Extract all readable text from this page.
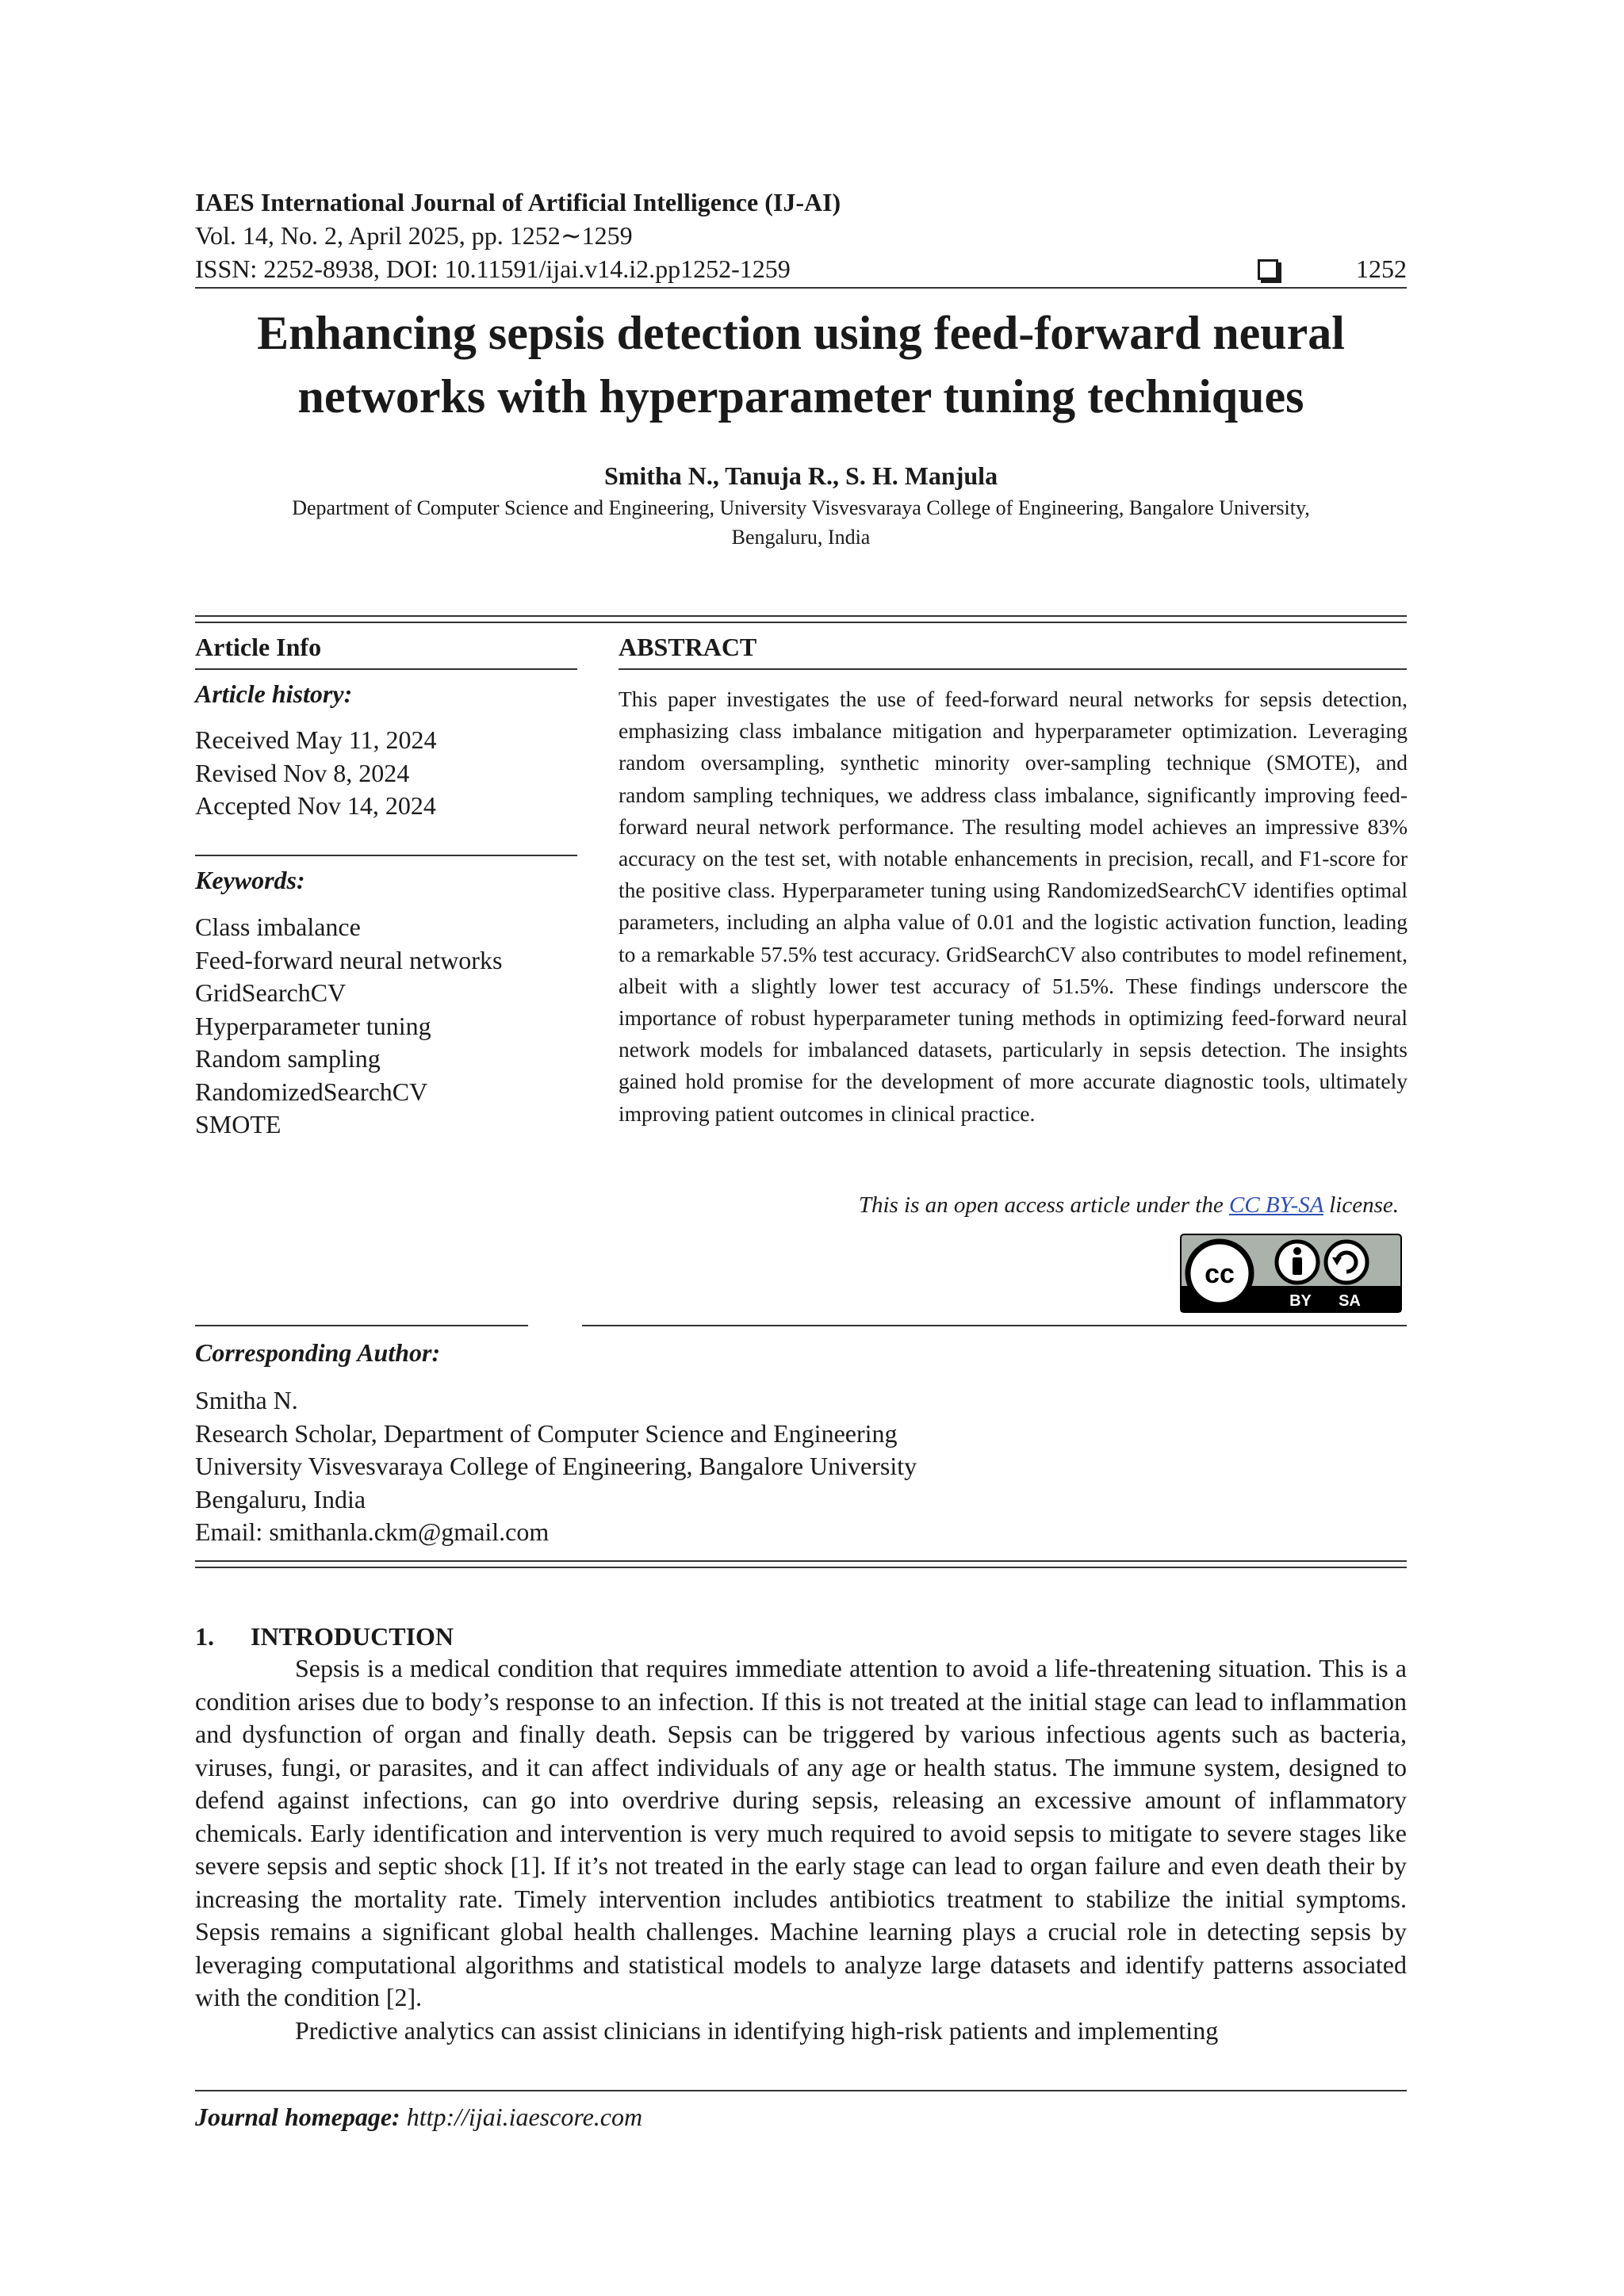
IAES International Journal of Artificial Intelligence (IJ-AI)
Vol. 14, No. 2, April 2025, pp. 1252∼1259
ISSN: 2252-8938, DOI: 10.11591/ijai.v14.i2.pp1252-1259	1252
Enhancing sepsis detection using feed-forward neural
networks with hyperparameter tuning techniques
Smitha N., Tanuja R., S. H. Manjula
Department of Computer Science and Engineering, University Visvesvaraya College of Engineering, Bangalore University,
Bengaluru, India
Article Info
Article history:
Received May 11, 2024
Revised Nov 8, 2024
Accepted Nov 14, 2024
Keywords:
Class imbalance
Feed-forward neural networks
GridSearchCV
Hyperparameter tuning
Random sampling
RandomizedSearchCV
SMOTE
ABSTRACT
This paper investigates the use of feed-forward neural networks for sepsis detection, emphasizing class imbalance mitigation and hyperparameter optimization. Leveraging random oversampling, synthetic minority over-sampling technique (SMOTE), and random sampling techniques, we address class imbalance, significantly improving feed-forward neural network performance. The resulting model achieves an impressive 83% accuracy on the test set, with notable enhancements in precision, recall, and F1-score for the positive class. Hyperparameter tuning using RandomizedSearchCV identifies optimal parameters, including an alpha value of 0.01 and the logistic activation function, leading to a remarkable 57.5% test accuracy. GridSearchCV also contributes to model refinement, albeit with a slightly lower test accuracy of 51.5%. These findings underscore the importance of robust hyperparameter tuning methods in optimizing feed-forward neural network models for imbalanced datasets, particularly in sepsis detection. The insights gained hold promise for the development of more accurate diagnostic tools, ultimately improving patient outcomes in clinical practice.
This is an open access article under the CC BY-SA license.
cc
BY SA
Corresponding Author:
Smitha N.
Research Scholar, Department of Computer Science and Engineering
University Visvesvaraya College of Engineering, Bangalore University
Bengaluru, India
Email: smithanla.ckm@gmail.com
1. INTRODUCTION

Sepsis is a medical condition that requires immediate attention to avoid a life-threatening situation. This is a condition arises due to body’s response to an infection. If this is not treated at the initial stage can lead to inflammation and dysfunction of organ and finally death. Sepsis can be triggered by various infectious agents such as bacteria, viruses, fungi, or parasites, and it can affect individuals of any age or health status. The immune system, designed to defend against infections, can go into overdrive during sepsis, releasing an excessive amount of inflammatory chemicals. Early identification and intervention is very much required to avoid sepsis to mitigate to severe stages like severe sepsis and septic shock [1]. If it’s not treated in the early stage can lead to organ failure and even death their by increasing the mortality rate. Timely intervention includes antibiotics treatment to stabilize the initial symptoms. Sepsis remains a significant global health challenges. Machine learning plays a crucial role in detecting sepsis by leveraging computational algorithms and statistical models to analyze large datasets and identify patterns associated with the condition [2].

Predictive analytics can assist clinicians in identifying high-risk patients and implementing

Journal homepage: http://ijai.iaescore.com
